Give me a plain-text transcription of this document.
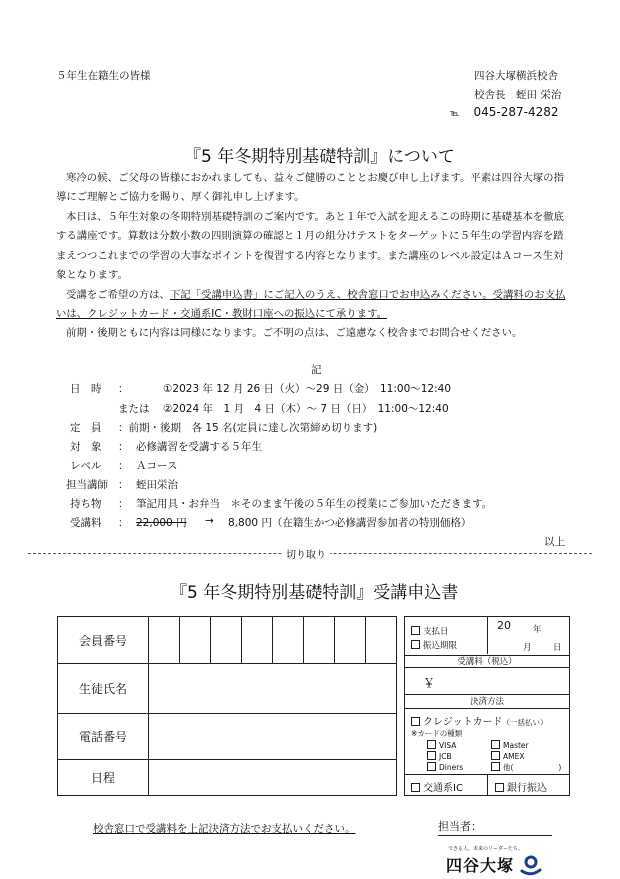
５年生在籍生の皆様	四谷大塚横浜校舎
校舎長　蛭田 栄治
℡ 045-287-4282
『5 年冬期特別基礎特訓』について
寒冷の候、ご父母の皆様におかれましても、益々ご健勝のこととお慶び申し上げます。平素は四谷大塚の指導にご理解とご協力を賜り、厚く御礼申し上げます。
本日は、５年生対象の冬期特別基礎特訓のご案内です。あと１年で入試を迎えるこの時期に基礎基本を徹底する講座です。算数は分数小数の四則演算の確認と１月の組分けテストをターゲットに５年生の学習内容を踏まえつつこれまでの学習の大事なポイントを復習する内容となります。また講座のレベル設定はＡコース生対象となります。
受講をご希望の方は、下記「受講申込書」にご記入のうえ、校舎窓口でお申込みください。受講料のお支払いは、クレジットカード・交通系IC・教財口座への振込にて承ります。
前期・後期ともに内容は同様になります。ご不明の点は、ご遠慮なく校舎までお問合せください。
記
日　時 ：	①2023 年 12 月 26 日（火）～29 日（金）　11:00～12:40
または ②2024 年　1 月　4 日（木）～ 7 日（日）　11:00～12:40
定　員 ：前期・後期　各 15 名(定員に達し次第締め切ります)
対　象 ： 必修講習を受講する５年生
レベル ： Ａコース
担当講師 ： 蛭田栄治
持ち物 ： 筆記用具・お弁当　＊そのまま午後の５年生の授業にご参加いただきます。
受講料 ： 22,000 円 → 8,800 円（在籍生かつ必修講習参加者の特別価格）
以上
切り取り
『5 年冬期特別基礎特訓』受講申込書
会員番号								
生徒氏名								
電話番号								
日程								
支払日
振込期限
20	年
月	日
受講料（税込）
￥
決済方法
クレジットカード（一括払い）
※カードの種類
VISA	Master
JCB	AMEX
Diners	他(　　　　　　)
交通系IC	銀行振込
校舎窓口で受講料を上記決済方法でお支払いください。	担当者：
できる人、未来のリーダーたち。
四谷大塚
